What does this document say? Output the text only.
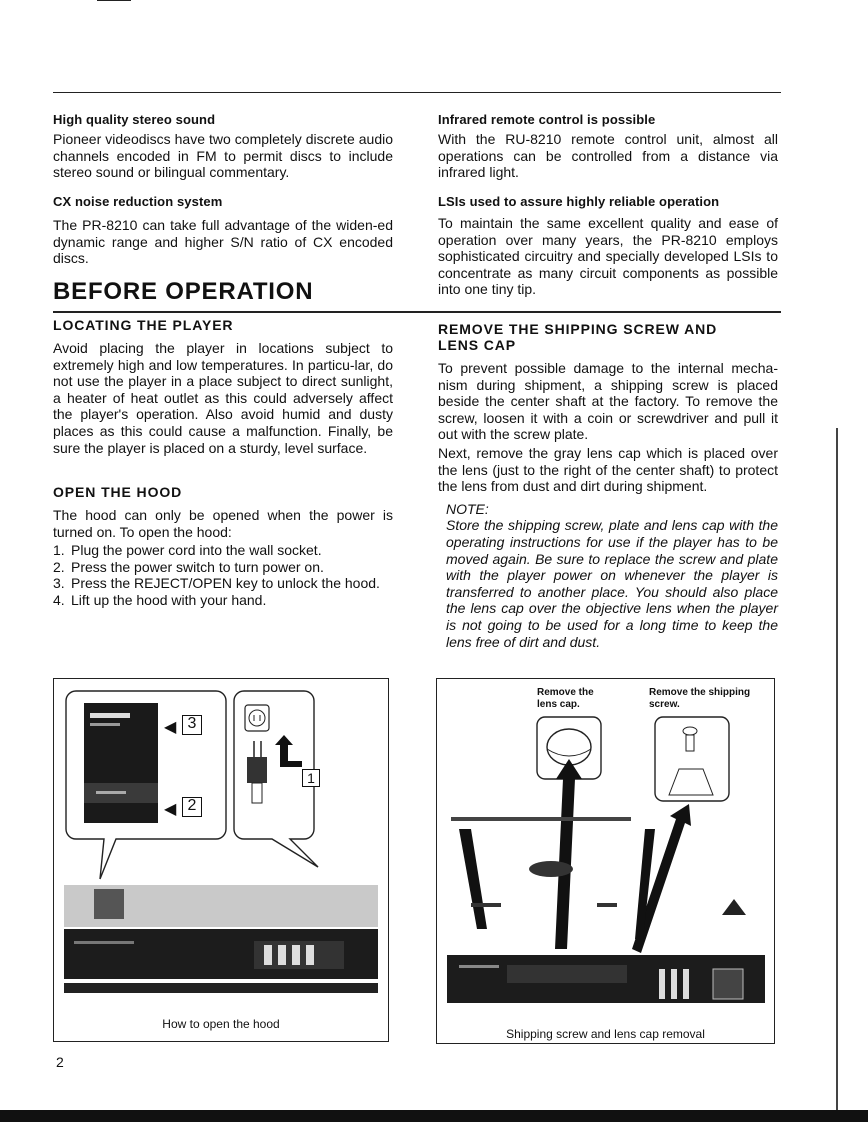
High quality stereo sound

Pioneer videodiscs have two completely discrete audio channels encoded in FM to permit discs to include stereo sound or bilingual commentary.

CX noise reduction system

The PR-8210 can take full advantage of the widen-ed dynamic range and higher S/N ratio of CX encoded discs.

Infrared remote control is possible

With the RU-8210 remote control unit, almost all operations can be controlled from a distance via infrared light.

LSIs used to assure highly reliable operation

To maintain the same excellent quality and ease of operation over many years, the PR-8210 employs sophisticated circuitry and specially developed LSIs to concentrate as many circuit components as possible into one tiny tip.

BEFORE OPERATION
LOCATING THE PLAYER

Avoid placing the player in locations subject to extremely high and low temperatures. In particu-lar, do not use the player in a place subject to direct sunlight, a heater of heat outlet as this could adversely affect the player's operation. Also avoid humid and dusty places as this could cause a malfunction. Finally, be sure the player is placed on a sturdy, level surface.

OPEN THE HOOD

The hood can only be opened when the power is turned on. To open the hood:

1. Plug the power cord into the wall socket.
2. Press the power switch to turn power on.
3. Press the REJECT/OPEN key to unlock the hood.
4. Lift up the hood with your hand.
REMOVE THE SHIPPING SCREW AND
LENS CAP

To prevent possible damage to the internal mecha-nism during shipment, a shipping screw is placed beside the center shaft at the factory. To remove the screw, loosen it with a coin or screwdriver and pull it out with the screw plate.

Next, remove the gray lens cap which is placed over the lens (just to the right of the center shaft) to protect the lens from dust and dirt during shipment.

NOTE:

Store the shipping screw, plate and lens cap with the operating instructions for use if the player has to be moved again. Be sure to replace the screw and plate with the player power on whenever the player is transferred to another place. You should also place the lens cap over the objective lens when the player is not going to be used for a long time to keep the lens free of dirt and dust.

3
◀
2
◀
1
How to open the hood
Remove the lens cap.
Remove the shipping screw.
Shipping screw and lens cap removal
2
